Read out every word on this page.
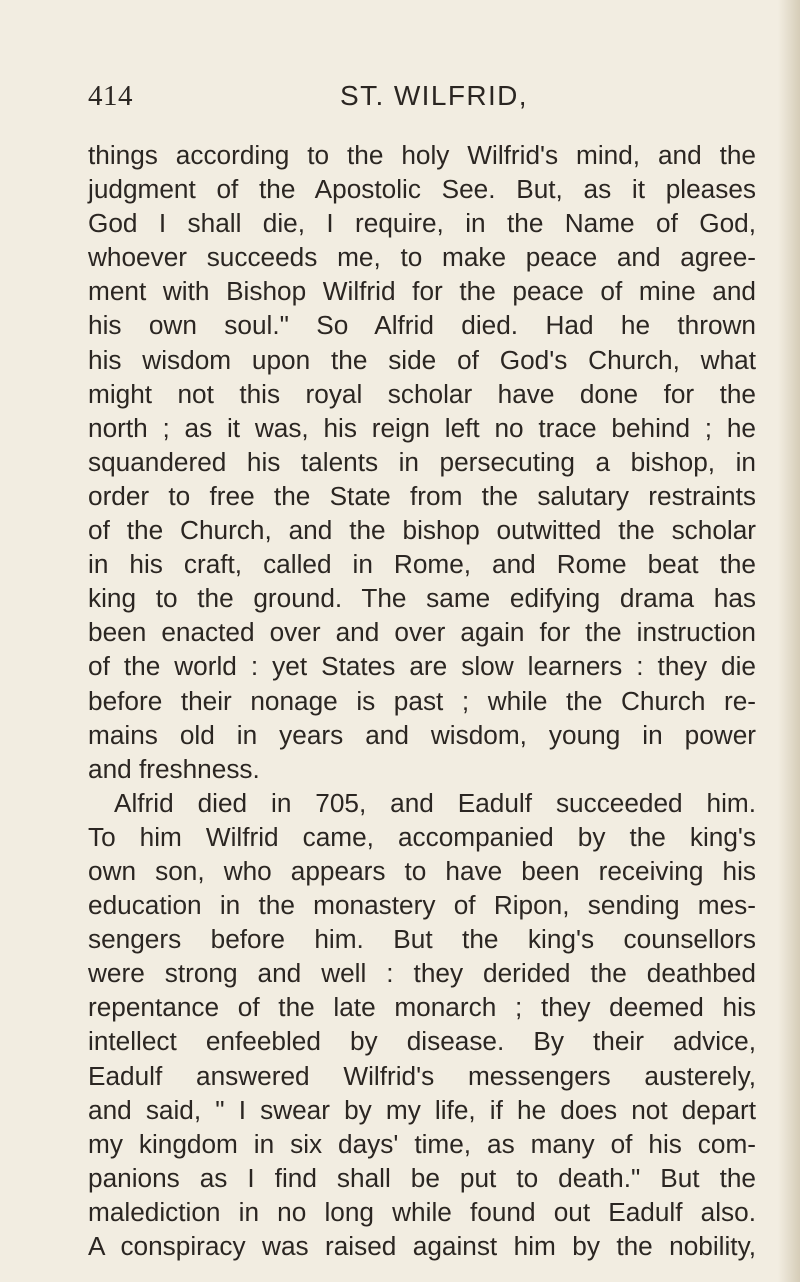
414	ST. WILFRID,
things according to the holy Wilfrid's mind, and the
judgment of the Apostolic See. But, as it pleases
God I shall die, I require, in the Name of God,
whoever succeeds me, to make peace and agree-
ment with Bishop Wilfrid for the peace of mine and
his own soul." So Alfrid died. Had he thrown
his wisdom upon the side of God's Church, what
might not this royal scholar have done for the
north ; as it was, his reign left no trace behind ; he
squandered his talents in persecuting a bishop, in
order to free the State from the salutary restraints
of the Church, and the bishop outwitted the scholar
in his craft, called in Rome, and Rome beat the
king to the ground. The same edifying drama has
been enacted over and over again for the instruction
of the world : yet States are slow learners : they die
before their nonage is past ; while the Church re-
mains old in years and wisdom, young in power
and freshness.
Alfrid died in 705, and Eadulf succeeded him.
To him Wilfrid came, accompanied by the king's
own son, who appears to have been receiving his
education in the monastery of Ripon, sending mes-
sengers before him. But the king's counsellors
were strong and well : they derided the deathbed
repentance of the late monarch ; they deemed his
intellect enfeebled by disease. By their advice,
Eadulf answered Wilfrid's messengers austerely,
and said, " I swear by my life, if he does not depart
my kingdom in six days' time, as many of his com-
panions as I find shall be put to death." But the
malediction in no long while found out Eadulf also.
A conspiracy was raised against him by the nobility,
